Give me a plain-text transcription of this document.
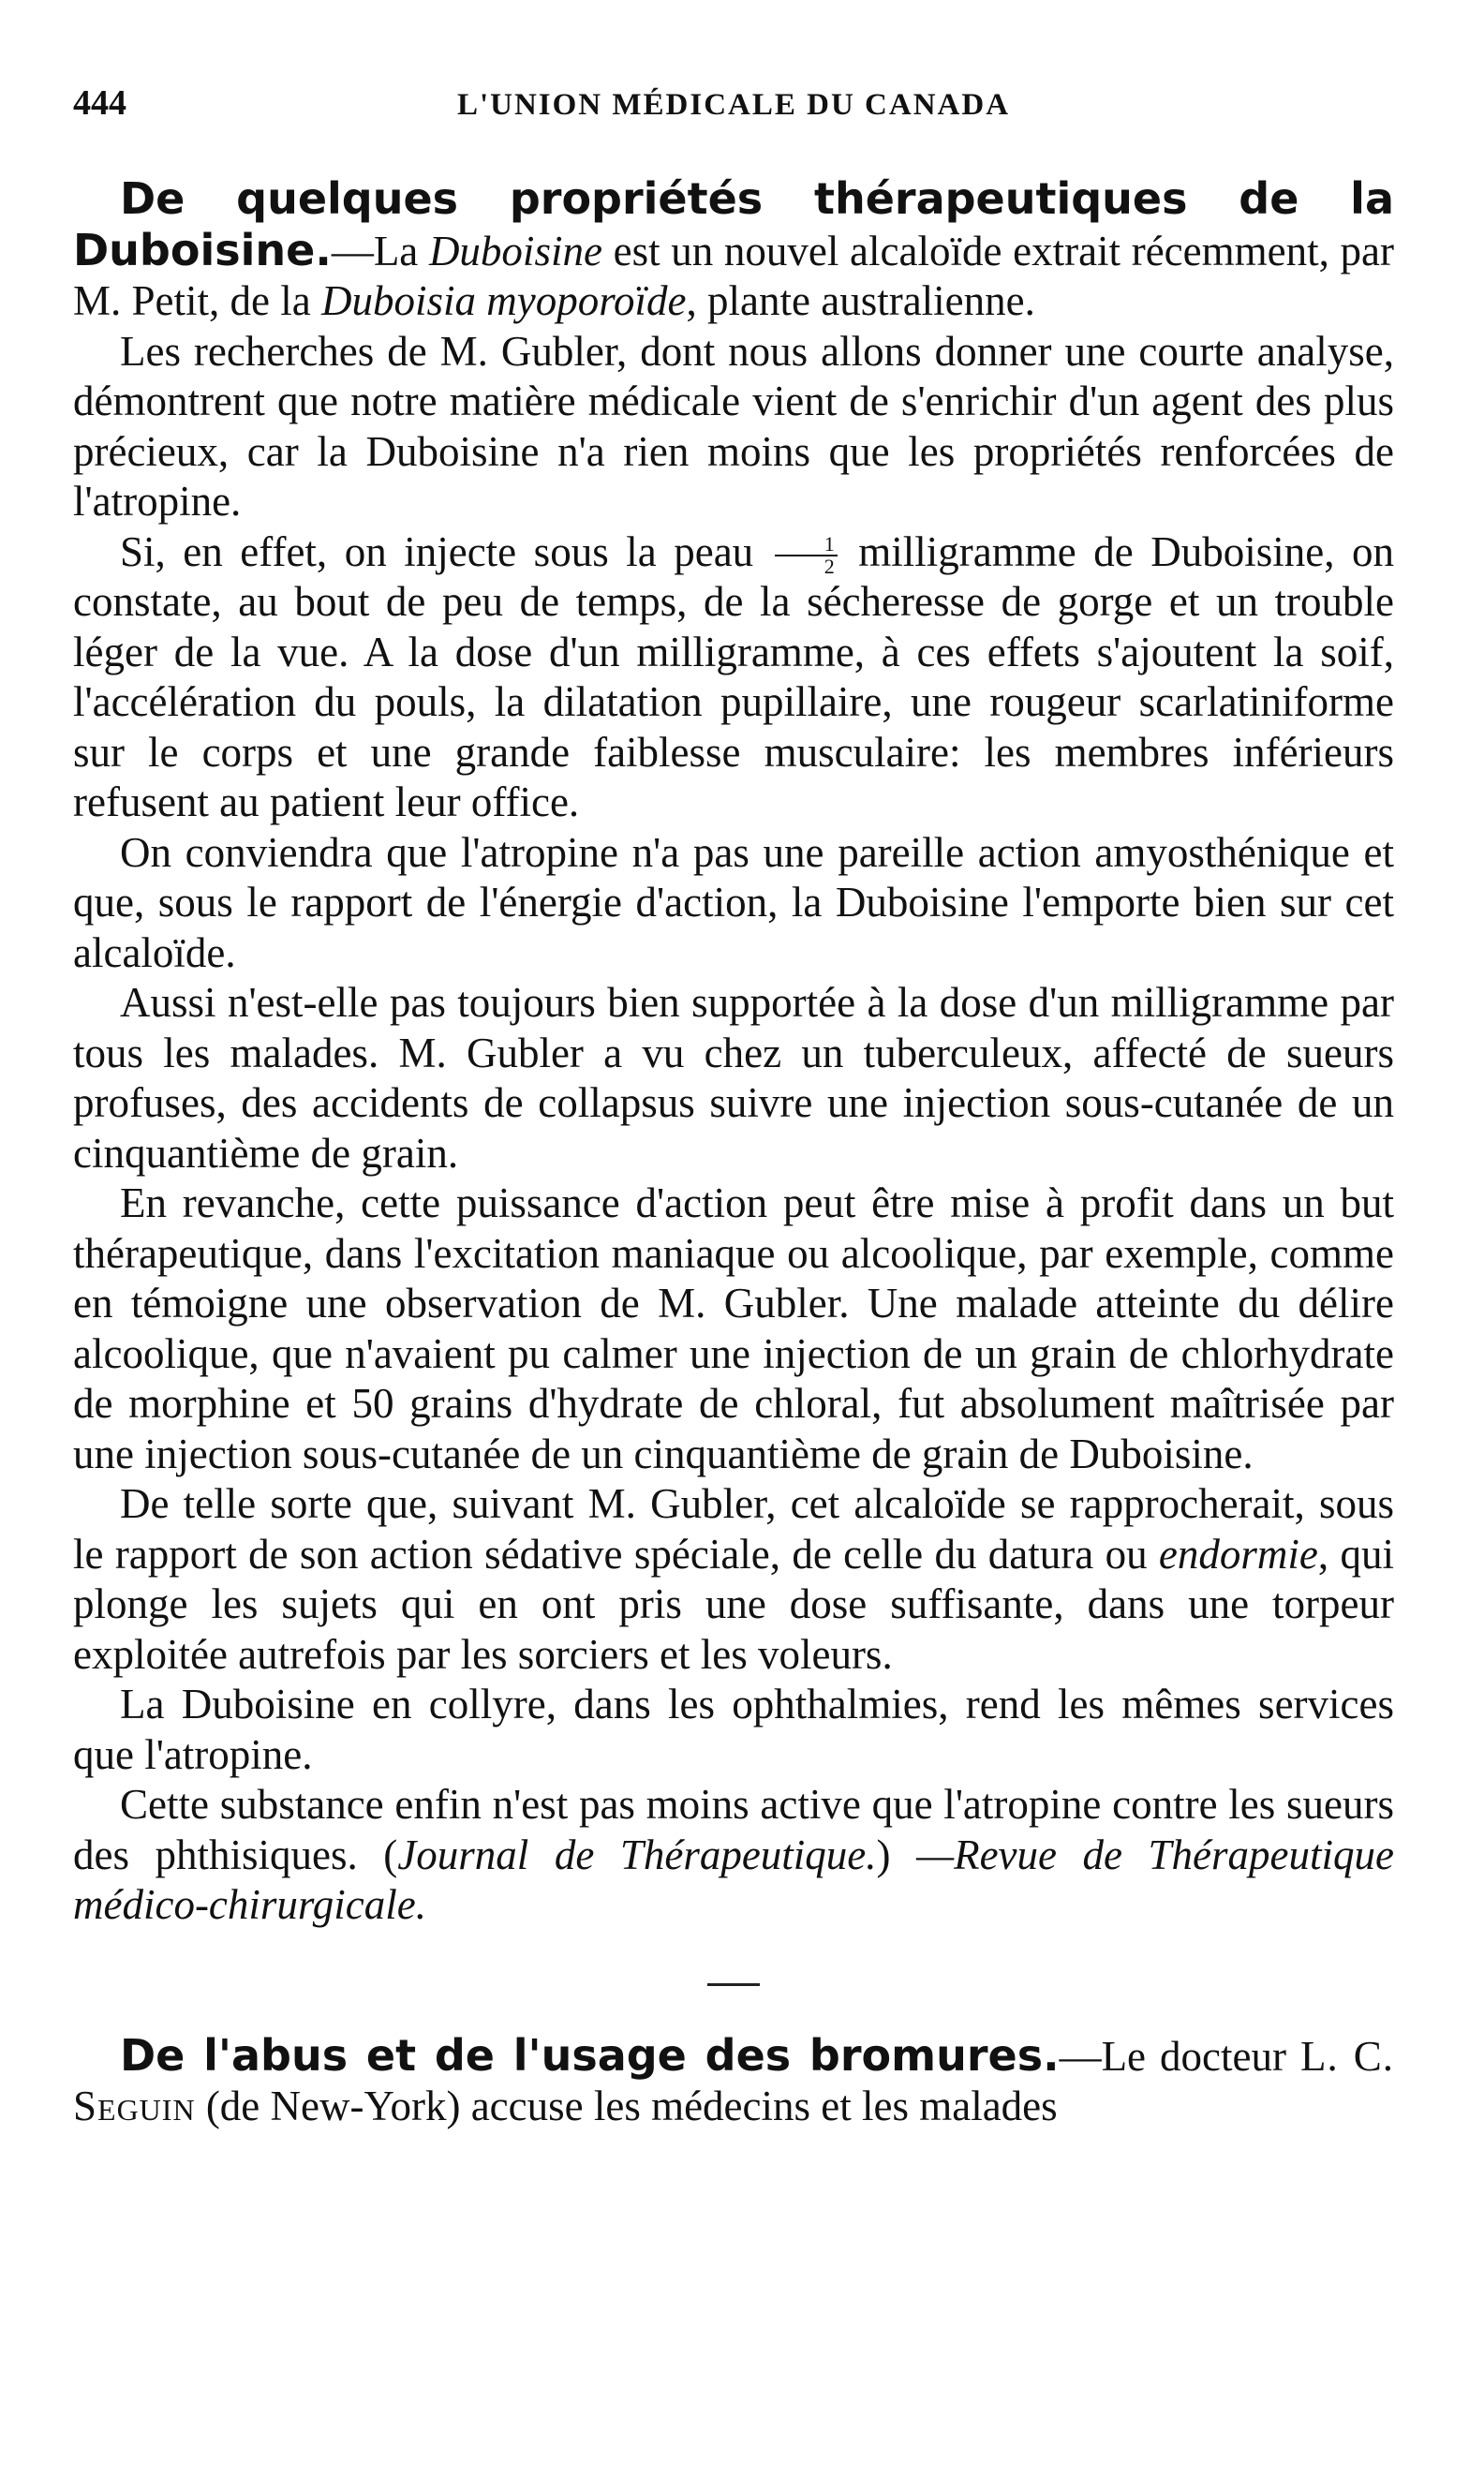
444	L'UNION MÉDICALE DU CANADA

De quelques propriétés thérapeutiques de la Duboisine.—La Duboisine est un nouvel alcaloïde extrait récemment, par M. Petit, de la Duboisia myoporoïde, plante australienne.

Les recherches de M. Gubler, dont nous allons donner une courte analyse, démontrent que notre matière médicale vient de s'enrichir d'un agent des plus précieux, car la Duboisine n'a rien moins que les propriétés renforcées de l'atropine.

Si, en effet, on injecte sous la peau $\frac{1}{2}$ milligramme de Duboisine, on constate, au bout de peu de temps, de la sécheresse de gorge et un trouble léger de la vue. A la dose d'un milligramme, à ces effets s'ajoutent la soif, l'accélération du pouls, la dilatation pupillaire, une rougeur scarlatiniforme sur le corps et une grande faiblesse musculaire: les membres inférieurs refusent au patient leur office.

On conviendra que l'atropine n'a pas une pareille action amyosthénique et que, sous le rapport de l'énergie d'action, la Duboisine l'emporte bien sur cet alcaloïde.

Aussi n'est-elle pas toujours bien supportée à la dose d'un milligramme par tous les malades. M. Gubler a vu chez un tuberculeux, affecté de sueurs profuses, des accidents de collapsus suivre une injection sous-cutanée de un cinquantième de grain.

En revanche, cette puissance d'action peut être mise à profit dans un but thérapeutique, dans l'excitation maniaque ou alcoolique, par exemple, comme en témoigne une observation de M. Gubler. Une malade atteinte du délire alcoolique, que n'avaient pu calmer une injection de un grain de chlorhydrate de morphine et 50 grains d'hydrate de chloral, fut absolument maîtrisée par une injection sous-cutanée de un cinquantième de grain de Duboisine.

De telle sorte que, suivant M. Gubler, cet alcaloïde se rapprocherait, sous le rapport de son action sédative spéciale, de celle du datura ou endormie, qui plonge les sujets qui en ont pris une dose suffisante, dans une torpeur exploitée autrefois par les sorciers et les voleurs.

La Duboisine en collyre, dans les ophthalmies, rend les mêmes services que l'atropine.

Cette substance enfin n'est pas moins active que l'atropine contre les sueurs des phthisiques. (Journal de Thérapeutique.) —Revue de Thérapeutique médico-chirurgicale.

De l'abus et de l'usage des bromures.—Le docteur L. C. Seguin (de New-York) accuse les médecins et les malades
